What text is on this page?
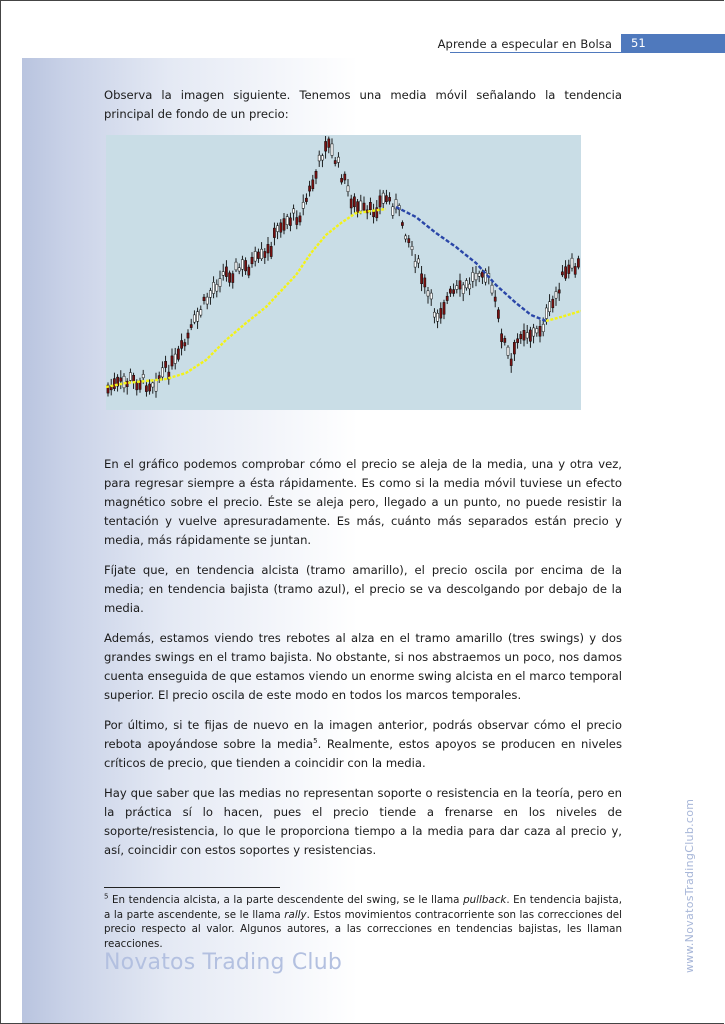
Aprende a especular en Bolsa 51

Observa la imagen siguiente. Tenemos una media móvil señalando la tendencia principal de fondo de un precio:

En el gráfico podemos comprobar cómo el precio se aleja de la media, una y otra vez, para regresar siempre a ésta rápidamente. Es como si la media móvil tuviese un efecto magnético sobre el precio. Éste se aleja pero, llegado a un punto, no puede resistir la tentación y vuelve apresuradamente. Es más, cuánto más separados están precio y media, más rápidamente se juntan.

Fíjate que, en tendencia alcista (tramo amarillo), el precio oscila por encima de la media; en tendencia bajista (tramo azul), el precio se va descolgando por debajo de la media.

Además, estamos viendo tres rebotes al alza en el tramo amarillo (tres swings) y dos grandes swings en el tramo bajista. No obstante, si nos abstraemos un poco, nos damos cuenta enseguida de que estamos viendo un enorme swing alcista en el marco temporal superior. El precio oscila de este modo en todos los marcos temporales.

Por último, si te fijas de nuevo en la imagen anterior, podrás observar cómo el precio rebota apoyándose sobre la media$^5$. Realmente, estos apoyos se producen en niveles críticos de precio, que tienden a coincidir con la media.

Hay que saber que las medias no representan soporte o resistencia en la teoría, pero en la práctica sí lo hacen, pues el precio tiende a frenarse en los niveles de soporte/resistencia, lo que le proporciona tiempo a la media para dar caza al precio y, así, coincidir con estos soportes y resistencias.

$^5$ En tendencia alcista, a la parte descendente del swing, se le llama pullback. En tendencia bajista, a la parte ascendente, se le llama rally. Estos movimientos contracorriente son las correcciones del precio respecto al valor. Algunos autores, a las correcciones en tendencias bajistas, les llaman reacciones.
Novatos Trading Club	www.NovatosTradingClub.com
